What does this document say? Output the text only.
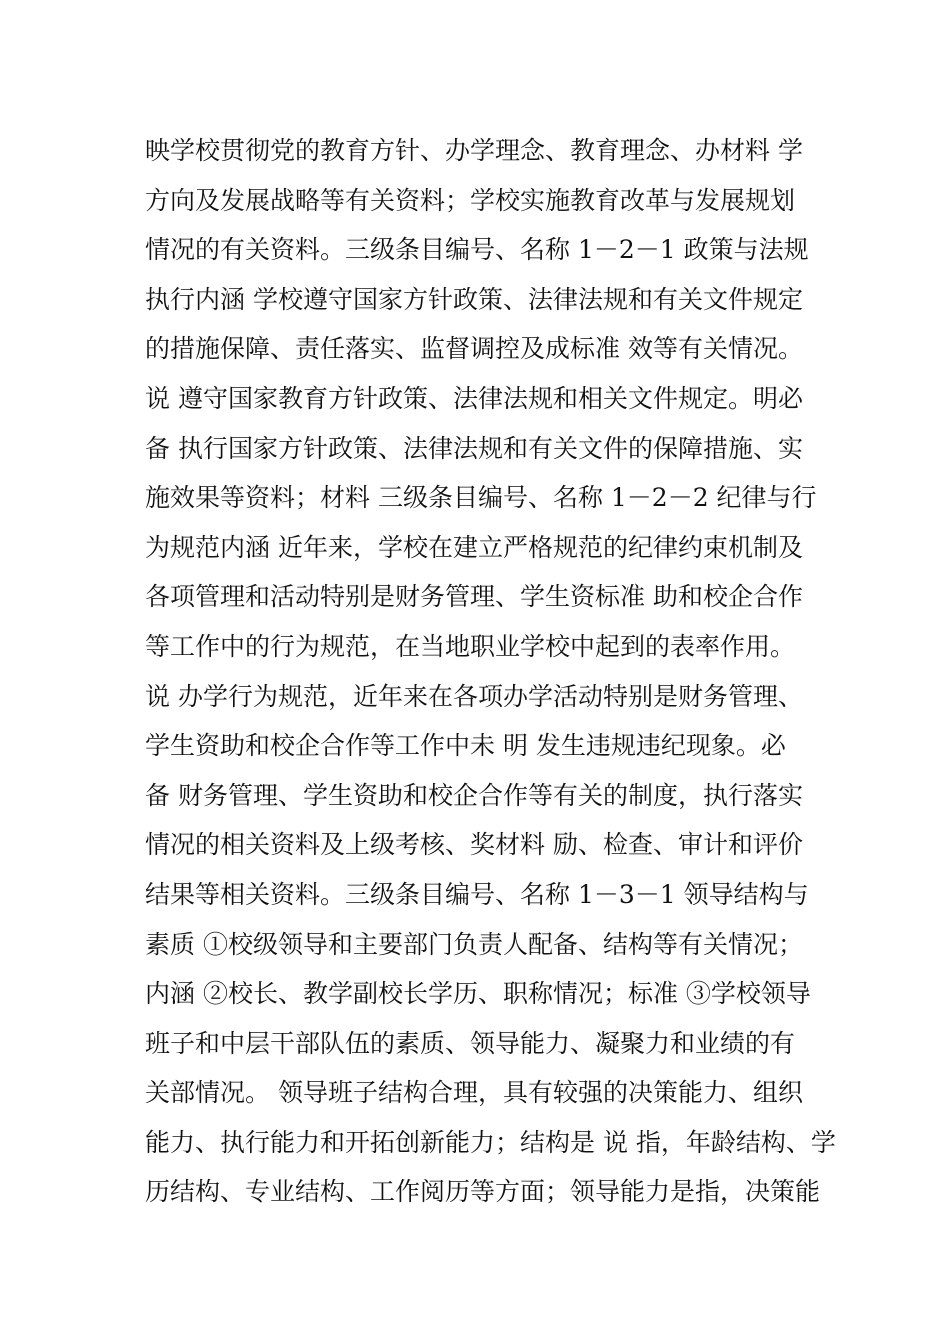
映学校贯彻党的教育方针、办学理念、教育理念、办材料 学
方向及发展战略等有关资料；学校实施教育改革与发展规划
情况的有关资料。三级条目编号、名称 1－2－1 政策与法规
执行内涵 学校遵守国家方针政策、法律法规和有关文件规定
的措施保障、责任落实、监督调控及成标准 效等有关情况。
说 遵守国家教育方针政策、法律法规和相关文件规定。明必
备 执行国家方针政策、法律法规和有关文件的保障措施、实
施效果等资料；材料 三级条目编号、名称 1－2－2 纪律与行
为规范内涵 近年来，学校在建立严格规范的纪律约束机制及
各项管理和活动特别是财务管理、学生资标准 助和校企合作
等工作中的行为规范，在当地职业学校中起到的表率作用。
说 办学行为规范，近年来在各项办学活动特别是财务管理、
学生资助和校企合作等工作中未 明 发生违规违纪现象。必
备 财务管理、学生资助和校企合作等有关的制度，执行落实
情况的相关资料及上级考核、奖材料 励、检查、审计和评价
结果等相关资料。三级条目编号、名称 1－3－1 领导结构与
素质 ①校级领导和主要部门负责人配备、结构等有关情况；
内涵 ②校长、教学副校长学历、职称情况；标准 ③学校领导
班子和中层干部队伍的素质、领导能力、凝聚力和业绩的有
关部情况。 领导班子结构合理，具有较强的决策能力、组织
能力、执行能力和开拓创新能力；结构是 说 指，年龄结构、学
历结构、专业结构、工作阅历等方面；领导能力是指，决策能
